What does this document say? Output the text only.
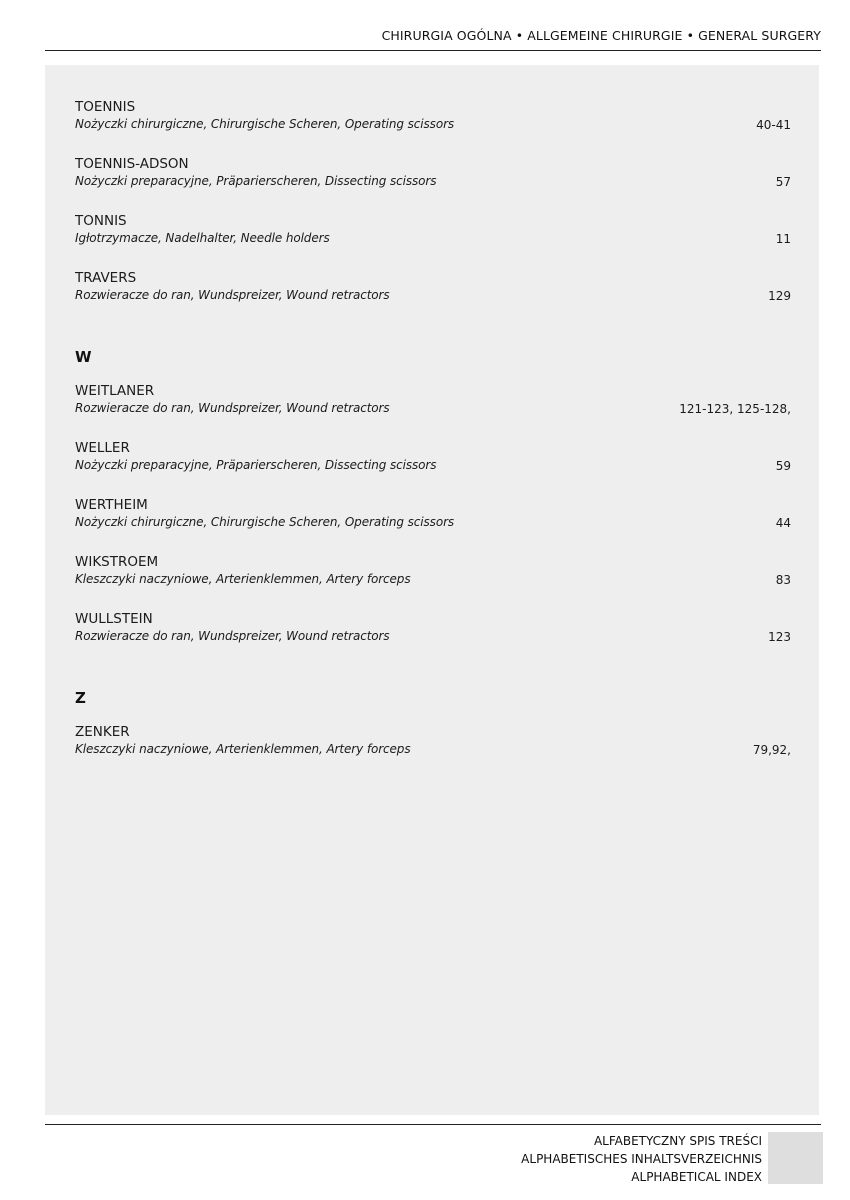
CHIRURGIA OGÓLNA • ALLGEMEINE CHIRURGIE • GENERAL SURGERY
TOENNIS
Nożyczki chirurgiczne, Chirurgische Scheren, Operating scissors	40-41
TOENNIS-ADSON
Nożyczki preparacyjne, Präparierscheren, Dissecting scissors	57
TONNIS
Igłotrzymacze, Nadelhalter, Needle holders	11
TRAVERS
Rozwieracze do ran, Wundspreizer, Wound retractors	129
W
WEITLANER
Rozwieracze do ran, Wundspreizer, Wound retractors	121-123, 125-128,
WELLER
Nożyczki preparacyjne, Präparierscheren, Dissecting scissors	59
WERTHEIM
Nożyczki chirurgiczne, Chirurgische Scheren, Operating scissors	44
WIKSTROEM
Kleszczyki naczyniowe, Arterienklemmen, Artery forceps	83
WULLSTEIN
Rozwieracze do ran, Wundspreizer, Wound retractors	123
Z
ZENKER
Kleszczyki naczyniowe, Arterienklemmen, Artery forceps	79,92,
ALFABETYCZNY SPIS TREŚCI
ALPHABETISCHES INHALTSVERZEICHNIS
ALPHABETICAL INDEX
